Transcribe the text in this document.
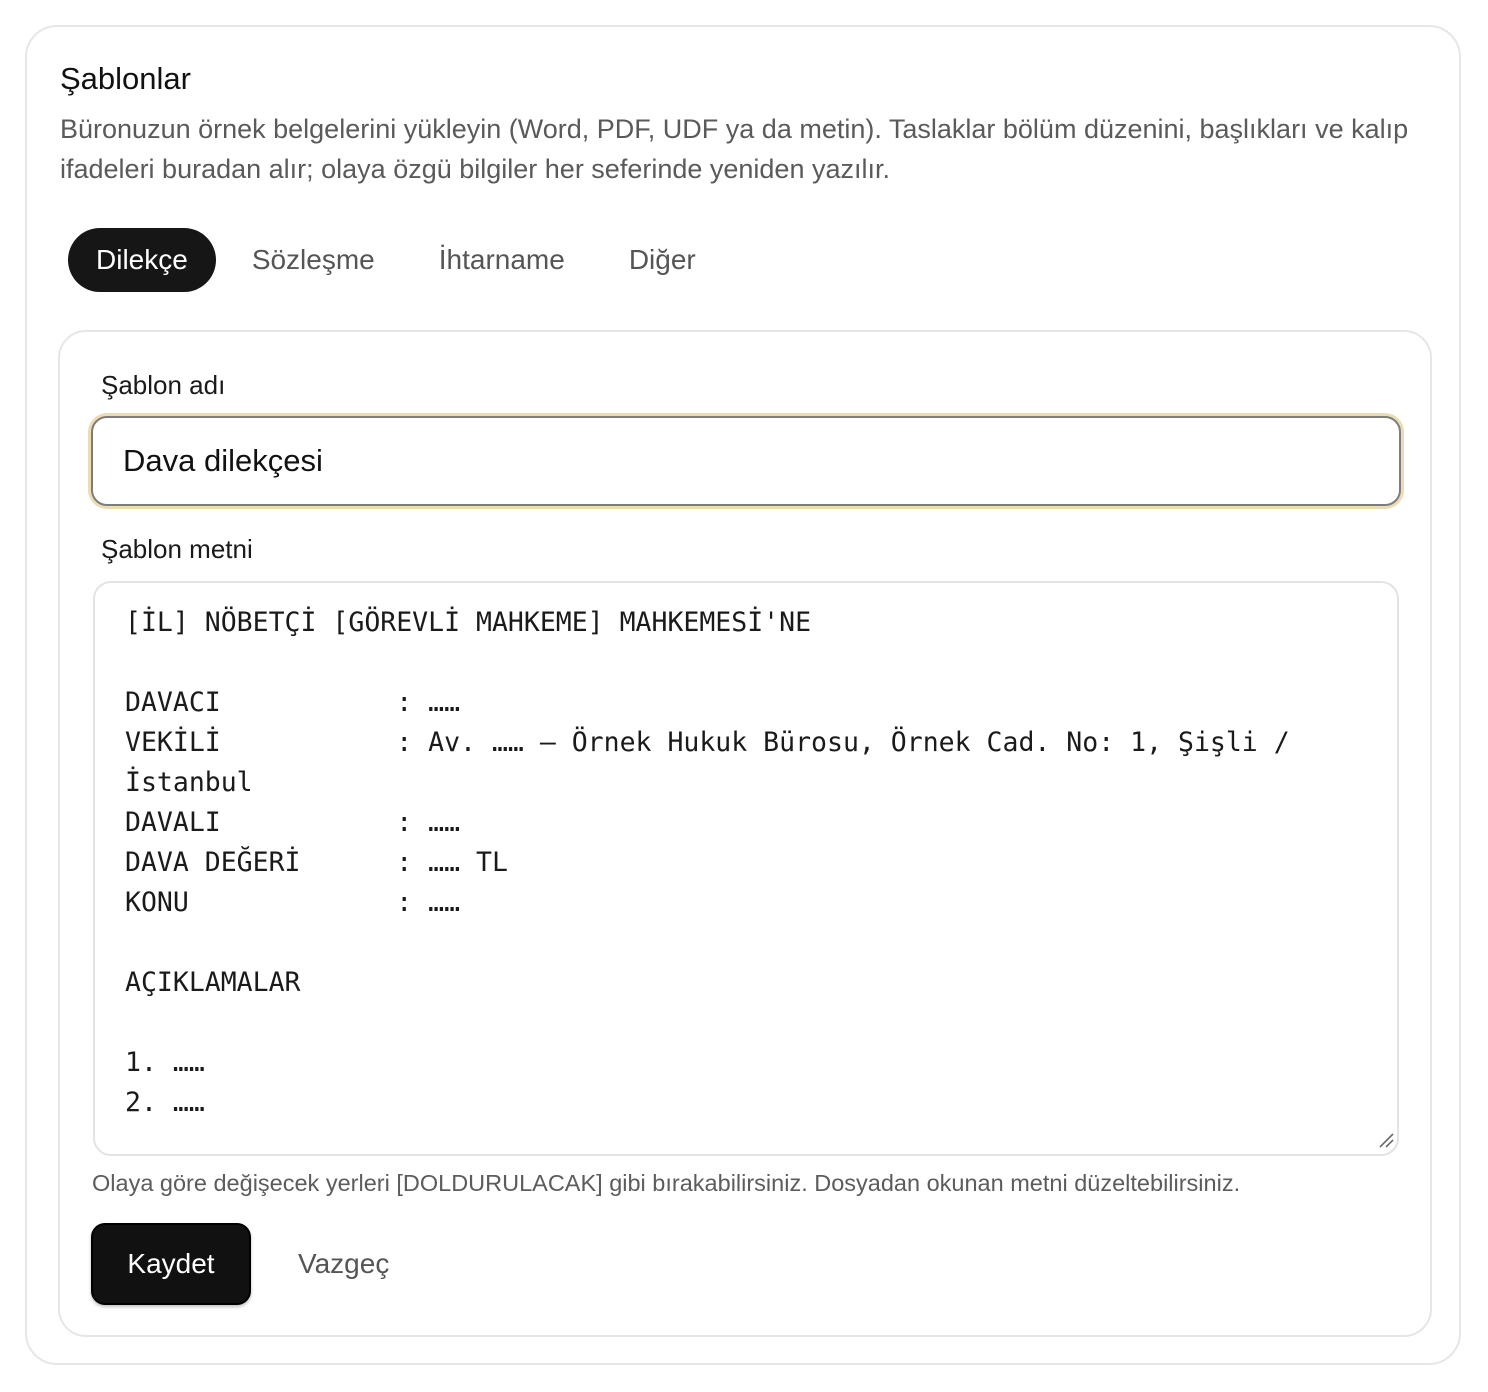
Şablonlar

Büronuzun örnek belgelerini yükleyin (Word, PDF, UDF ya da metin). Taslaklar bölüm düzenini, başlıkları ve kalıp ifadeleri buradan alır; olaya özgü bilgiler her seferinde yeniden yazılır.

Dilekçe	Sözleşme	İhtarname	Diğer
Şablon adı
Dava dilekçesi
Şablon metni
[İL] NÖBETÇİ [GÖREVLİ MAHKEME] MAHKEMESİ'NE

DAVACI           : ……
VEKİLİ           : Av. …… — Örnek Hukuk Bürosu, Örnek Cad. No: 1, Şişli / İstanbul
DAVALI           : ……
DAVA DEĞERİ      : …… TL
KONU             : ……

AÇIKLAMALAR

1. ……
2. ……
Olaya göre değişecek yerleri [DOLDURULACAK] gibi bırakabilirsiniz. Dosyadan okunan metni düzeltebilirsiniz.
Kaydet	Vazgeç
